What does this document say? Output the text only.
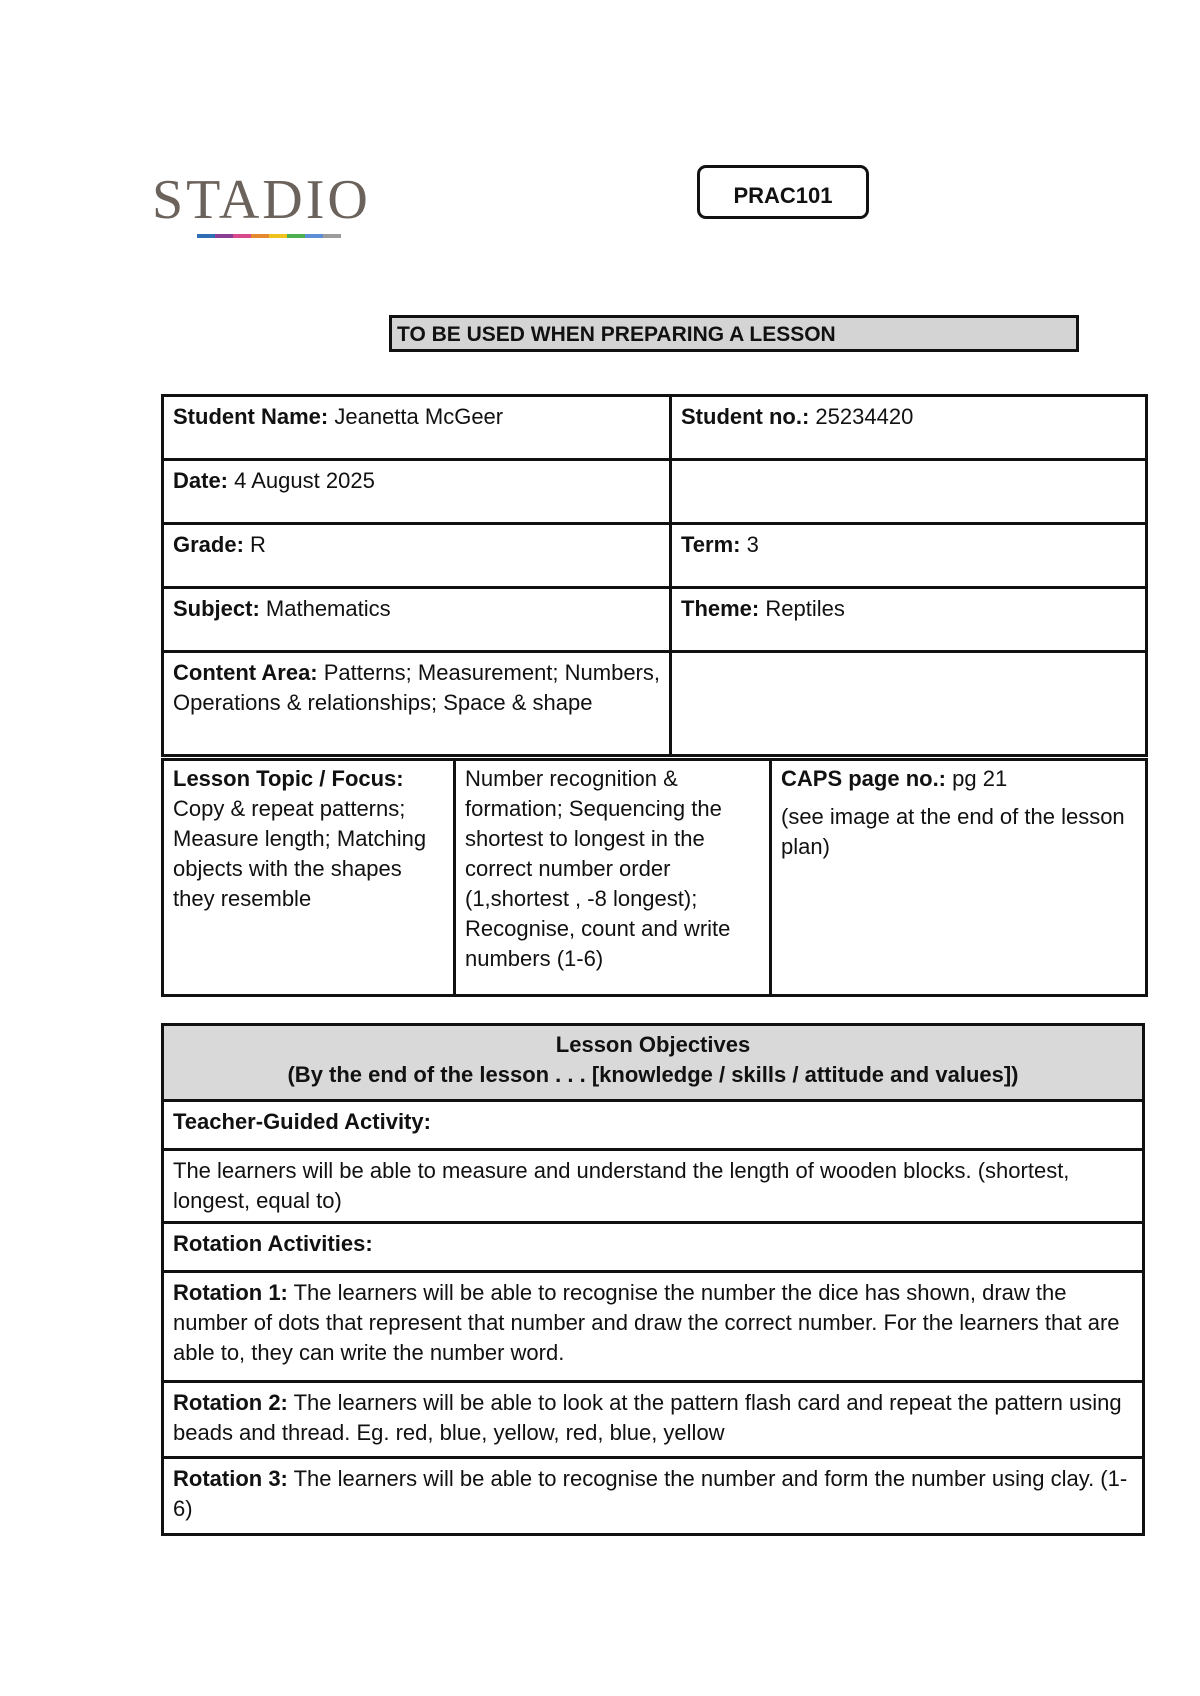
STADIO	PRAC101
TO BE USED WHEN PREPARING A LESSON
Student Name: Jeanetta McGeer	Student no.: 25234420
Date: 4 August 2025	
Grade: R	Term: 3
Subject: Mathematics	Theme: Reptiles
Content Area: Patterns; Measurement; Numbers, Operations & relationships; Space & shape	
Lesson Topic / Focus:
Copy & repeat patterns; Measure length; Matching objects with the shapes they resemble	Number recognition & formation; Sequencing the shortest to longest in the correct number order (1,shortest , -8 longest); Recognise, count and write numbers (1-6)	CAPS page no.: pg 21
(see image at the end of the lesson plan)
Lesson Objectives
(By the end of the lesson . . . [knowledge / skills / attitude and values])

Teacher-Guided Activity:
The learners will be able to measure and understand the length of wooden blocks. (shortest, longest, equal to)
Rotation Activities:
Rotation 1: The learners will be able to recognise the number the dice has shown, draw the number of dots that represent that number and draw the correct number. For the learners that are able to, they can write the number word.
Rotation 2: The learners will be able to look at the pattern flash card and repeat the pattern using beads and thread. Eg. red, blue, yellow, red, blue, yellow
Rotation 3: The learners will be able to recognise the number and form the number using clay. (1-6)
